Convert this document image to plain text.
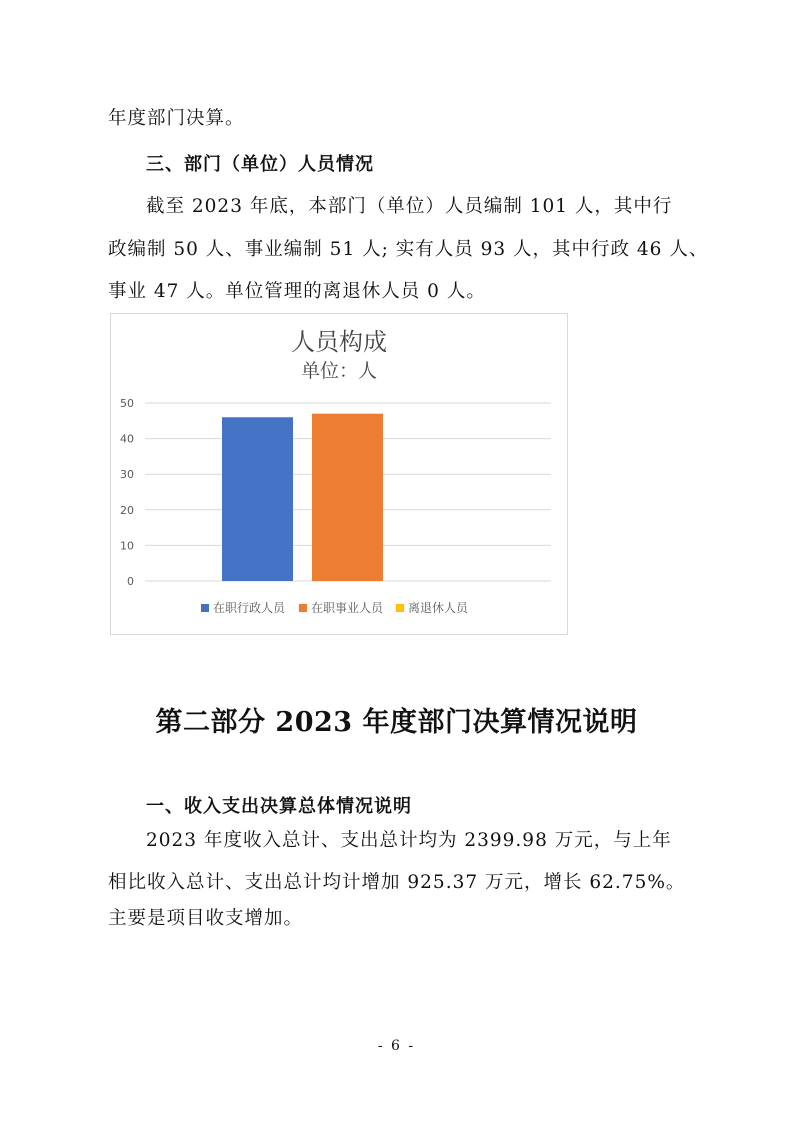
年度部门决算。
三、部门（单位）人员情况
截至 2023 年底，本部门（单位）人员编制 101 人，其中行
政编制 50 人、事业编制 51 人; 实有人员 93 人，其中行政 46 人、
事业 47 人。单位管理的离退休人员 0 人。
人员构成
单位：人
0
10
20
30
40
50
在职行政人员 在职事业人员 离退休人员
第二部分 2023 年度部门决算情况说明
一、收入支出决算总体情况说明
2023 年度收入总计、支出总计均为 2399.98 万元，与上年
相比收入总计、支出总计均计增加 925.37 万元，增长 62.75%。
主要是项目收支增加。
- 6 -
